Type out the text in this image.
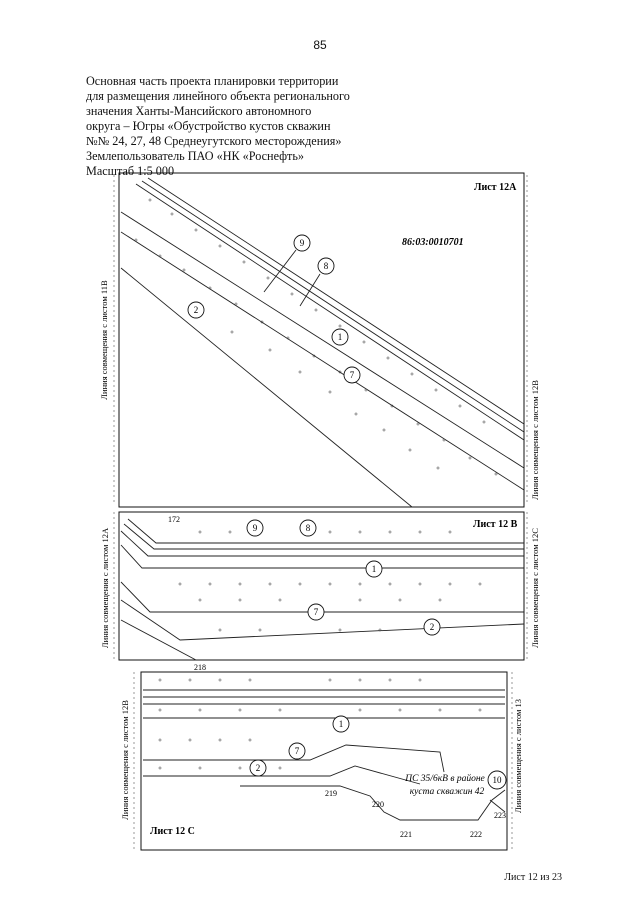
85
Основная часть проекта планировки территории
для размещения линейного объекта регионального
значения Ханты-Мансийского автономного
округа – Югры «Обустройство кустов скважин
№№ 24, 27, 48 Среднеугутского месторождения»
Землепользователь ПАО «НК «Роснефть»
Масштаб 1:5 000
Лист 12А
86:03:0010701
Линия совмещения с листом 11В
Линия совмещения с листом 12В
9
8
1
7
2
Лист 12 В
Линия совмещения с листом 12А	Линия совмещения с листом 12С
172
218
9	8
1
7
2
Лист 12 С
Линия совмещения с листом 12В	Линия совмещения с листом 13
1
7
2
10
ПС 35/6кВ в районе
куста скважин 42
219
220
221	222
223
Лист 12 из 23
